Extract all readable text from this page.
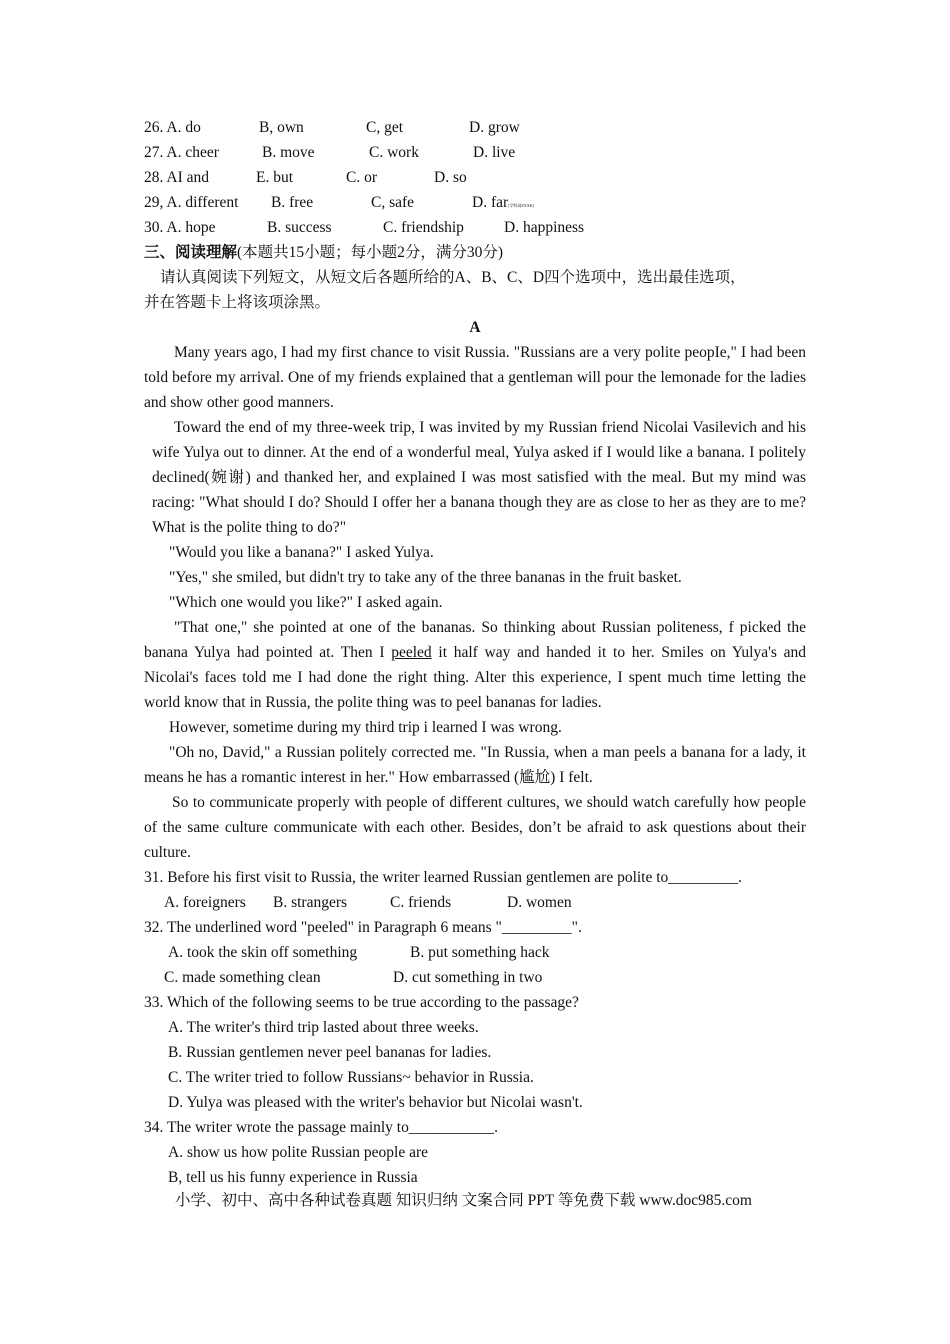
26. A. do	B, own	C, get	D. grow
27. A. cheer	B. move	C. work	D. live
28. AI and	E. but	C. or	D. so
29, A. different B. free	C, safe	D. far[学科网ZXXK]
30. A. hope	B. success	C. friendship	D. happiness
三、阅读理解(本题共15小题；每小题2分，满分30分)
请认真阅读下列短文，从短文后各题所给的A、B、C、D四个选项中，选出最佳选项，
并在答题卡上将该项涂黑。
A
Many years ago, I had my first chance to visit Russia. "Russians are a very polite peopIe," I had been told before my arrival. One of my friends explained that a gentleman will pour the lemonade for the ladies and show other good manners.
Toward the end of my three-week trip, I was invited by my Russian friend Nicolai Vasilevich and his wife Yulya out to dinner. At the end of a wonderful meal, Yulya asked if I would like a banana. I politely declined(婉谢) and thanked her, and explained I was most satisfied with the meal. But my mind was racing: "What should I do? Should I offer her a banana though they are as close to her as they are to me? What is the polite thing to do?"
"Would you like a banana?" I asked Yulya.
"Yes," she smiled, but didn't try to take any of the three bananas in the fruit basket.
"Which one would you like?" I asked again.
"That one," she pointed at one of the bananas. So thinking about Russian politeness, f picked the banana Yulya had pointed at. Then I peeled it half way and handed it to her. Smiles on Yulya's and Nicolai's faces told me I had done the right thing. Alter this experience, I spent much time letting the world know that in Russia, the polite thing was to peel bananas for ladies.
However, sometime during my third trip i learned I was wrong.
"Oh no, David," a Russian politely corrected me. "In Russia, when a man peels a banana for a lady, it means he has a romantic interest in her." How embarrassed (尴尬) I felt.
So to communicate properly with people of different cultures, we should watch carefully how people of the same culture communicate with each other. Besides, don’t be afraid to ask questions about their culture.
31. Before his first visit to Russia, the writer learned Russian gentlemen are polite to_________.
A. foreigners B. strangers	C. friends	D. women
32. The underlined word "peeled" in Paragraph 6 means "_________".
A. took the skin off something	B. put something hack
C. made something clean	D. cut something in two
33. Which of the following seems to be true according to the passage?
A. The writer's third trip lasted about three weeks.
B. Russian gentlemen never peel bananas for ladies.
C. The writer tried to follow Russians~ behavior in Russia.
D. Yulya was pleased with the writer's behavior but Nicolai wasn't.
34. The writer wrote the passage mainly to___________.
A. show us how polite Russian people are
B, tell us his funny experience in Russia
小学、初中、高中各种试卷真题 知识归纳 文案合同 PPT 等免费下载 www.doc985.com
